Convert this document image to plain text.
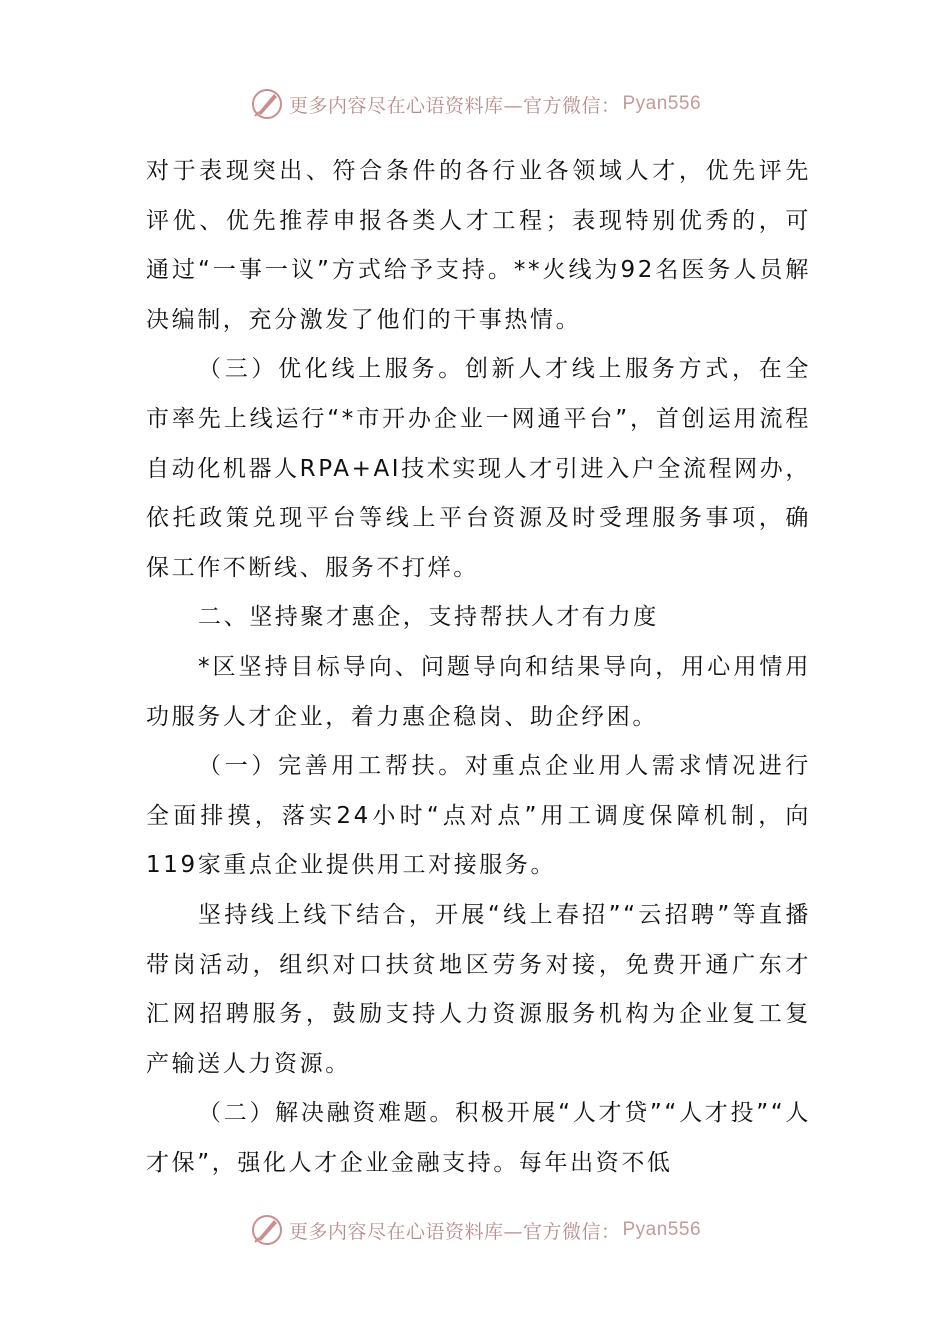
更多内容尽在心语资料库—官方微信： Pyan556

对于表现突出、符合条件的各行业各领域人才，优先评先评优、优先推荐申报各类人才工程；表现特别优秀的，可通过“一事一议”方式给予支持。**火线为92名医务人员解决编制，充分激发了他们的干事热情。

（三）优化线上服务。创新人才线上服务方式，在全市率先上线运行“*市开办企业一网通平台”，首创运用流程自动化机器人RPA+AI技术实现人才引进入户全流程网办，依托政策兑现平台等线上平台资源及时受理服务事项，确保工作不断线、服务不打烊。

二、坚持聚才惠企，支持帮扶人才有力度

*区坚持目标导向、问题导向和结果导向，用心用情用功服务人才企业，着力惠企稳岗、助企纾困。

（一）完善用工帮扶。对重点企业用人需求情况进行全面排摸，落实24小时“点对点”用工调度保障机制，向119家重点企业提供用工对接服务。

坚持线上线下结合，开展“线上春招”“云招聘”等直播带岗活动，组织对口扶贫地区劳务对接，免费开通广东才汇网招聘服务，鼓励支持人力资源服务机构为企业复工复产输送人力资源。

（二）解决融资难题。积极开展“人才贷”“人才投”“人才保”，强化人才企业金融支持。每年出资不低

更多内容尽在心语资料库—官方微信： Pyan556
